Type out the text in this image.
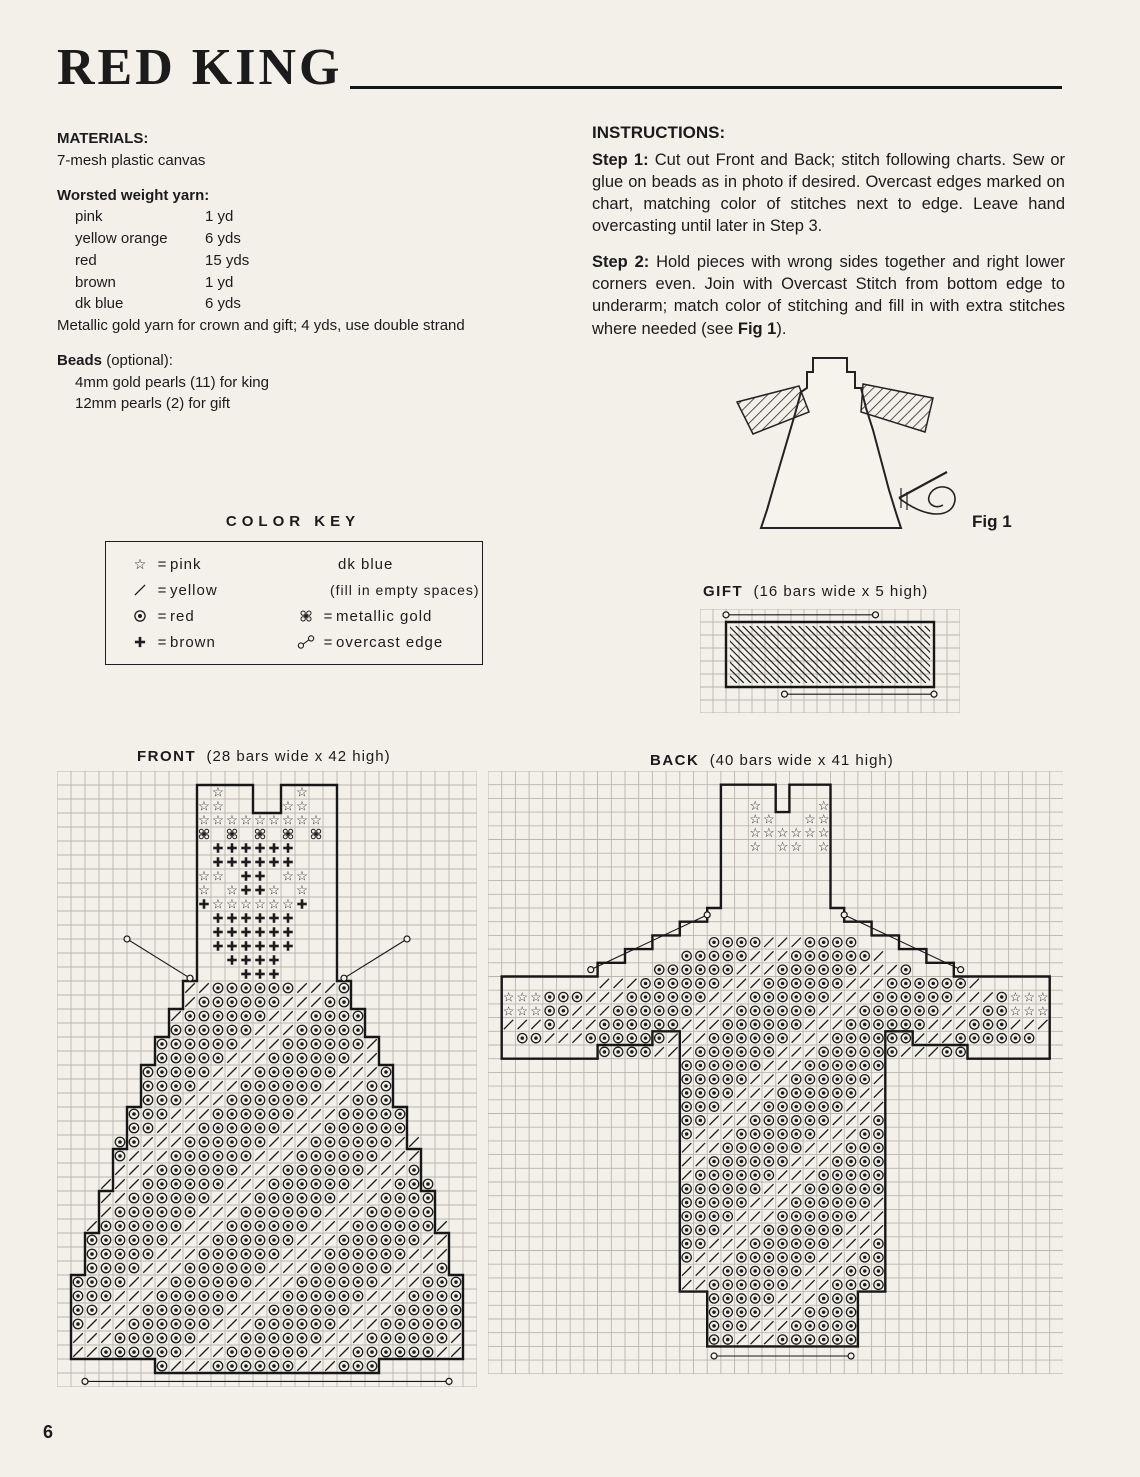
RED KING
MATERIALS:
7-mesh plastic canvas
Worsted weight yarn:
pink	1 yd
yellow orange	6 yds
red	15 yds
brown	1 yd
dk blue	6 yds
Metallic gold yarn for crown and gift; 4 yds, use double strand
Beads (optional):
4mm gold pearls (11) for king
12mm pearls (2) for gift
INSTRUCTIONS:

Step 1: Cut out Front and Back; stitch following charts. Sew or glue on beads as in photo if desired. Overcast edges marked on chart, matching color of stitches next to edge. Leave hand overcasting until later in Step 3.

Step 2: Hold pieces with wrong sides together and right lower corners even. Join with Overcast Stitch from bottom edge to underarm; match color of stitching and fill in with extra stitches where needed (see Fig 1).

Fig 1
COLOR KEY
☆ = pink
= yellow
= red
= brown
dk blue
(fill in empty spaces)
= metallic gold
= overcast edge
GIFT (16 bars wide x 5 high)
FRONT (28 bars wide x 42 high)
☆	☆
☆ ☆	☆ ☆
☆ ☆ ☆ ☆ ☆ ☆ ☆ ☆ ☆
☆ ☆	☆ ☆
☆ ☆ ☆ ☆
☆ ☆ ☆ ☆ ☆ ☆
BACK (40 bars wide x 41 high)
☆	☆
☆ ☆ ☆ ☆
☆ ☆ ☆ ☆ ☆ ☆
☆ ☆ ☆ ☆
☆ ☆ ☆	☆ ☆ ☆
☆ ☆ ☆	☆ ☆ ☆
6
